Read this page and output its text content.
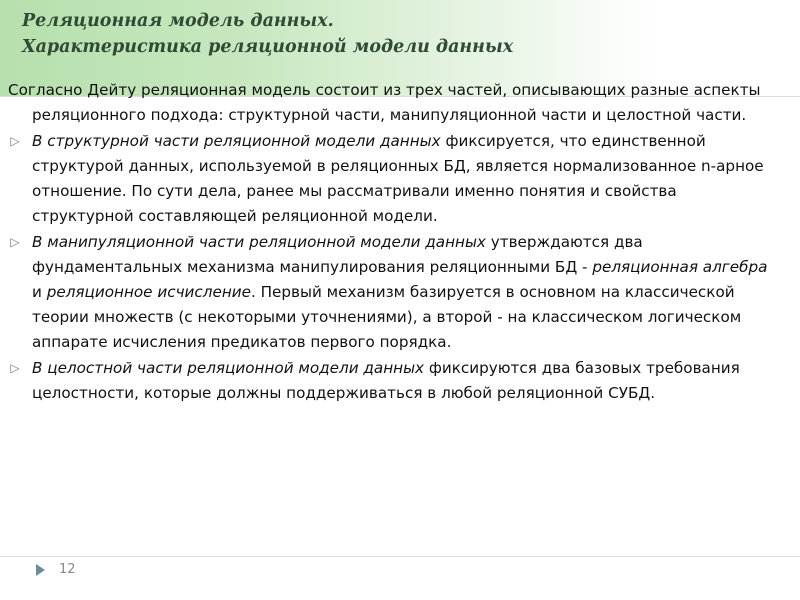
Реляционная модель данных.
Характеристика реляционной модели данных

Согласно Дейту реляционная модель состоит из трех частей, описывающих разные аспекты реляционного подхода: структурной части, манипуляционной части и целостной части.

▷ В структурной части реляционной модели данных фиксируется, что единственной структурой данных, используемой в реляционных БД, является нормализованное n-арное отношение. По сути дела, ранее мы рассматривали именно понятия и свойства структурной составляющей реляционной модели.

▷ В манипуляционной части реляционной модели данных утверждаются два фундаментальных механизма манипулирования реляционными БД - реляционная алгебра и реляционное исчисление. Первый механизм базируется в основном на классической теории множеств (с некоторыми уточнениями), а второй - на классическом логическом аппарате исчисления предикатов первого порядка.

▷ В целостной части реляционной модели данных фиксируются два базовых требования целостности, которые должны поддерживаться в любой реляционной СУБД.

12
